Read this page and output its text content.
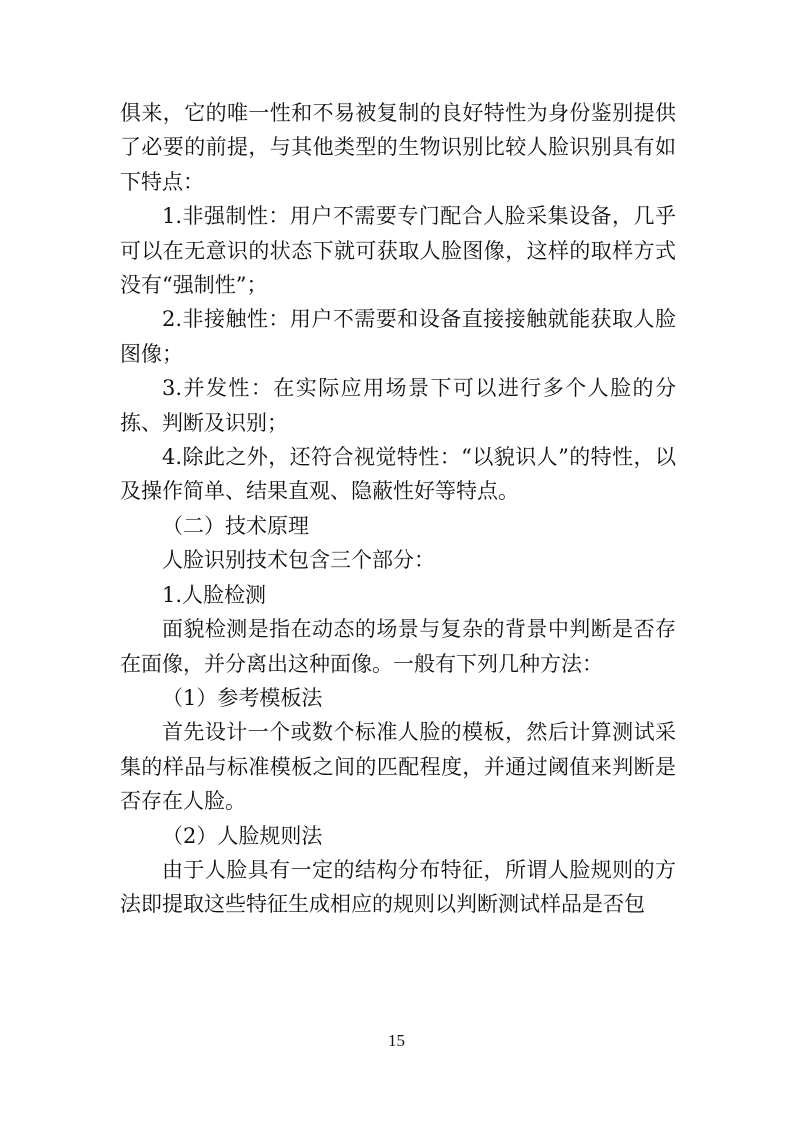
俱来，它的唯一性和不易被复制的良好特性为身份鉴别提供了必要的前提，与其他类型的生物识别比较人脸识别具有如下特点：

1.非强制性：用户不需要专门配合人脸采集设备，几乎可以在无意识的状态下就可获取人脸图像，这样的取样方式没有“强制性”；

2.非接触性：用户不需要和设备直接接触就能获取人脸图像；

3.并发性：在实际应用场景下可以进行多个人脸的分拣、判断及识别；

4.除此之外，还符合视觉特性：“以貌识人”的特性，以及操作简单、结果直观、隐蔽性好等特点。

（二）技术原理

人脸识别技术包含三个部分：

1.人脸检测

面貌检测是指在动态的场景与复杂的背景中判断是否存在面像，并分离出这种面像。一般有下列几种方法：

（1）参考模板法

首先设计一个或数个标准人脸的模板，然后计算测试采集的样品与标准模板之间的匹配程度，并通过阈值来判断是否存在人脸。

（2）人脸规则法

由于人脸具有一定的结构分布特征，所谓人脸规则的方法即提取这些特征生成相应的规则以判断测试样品是否包

15
